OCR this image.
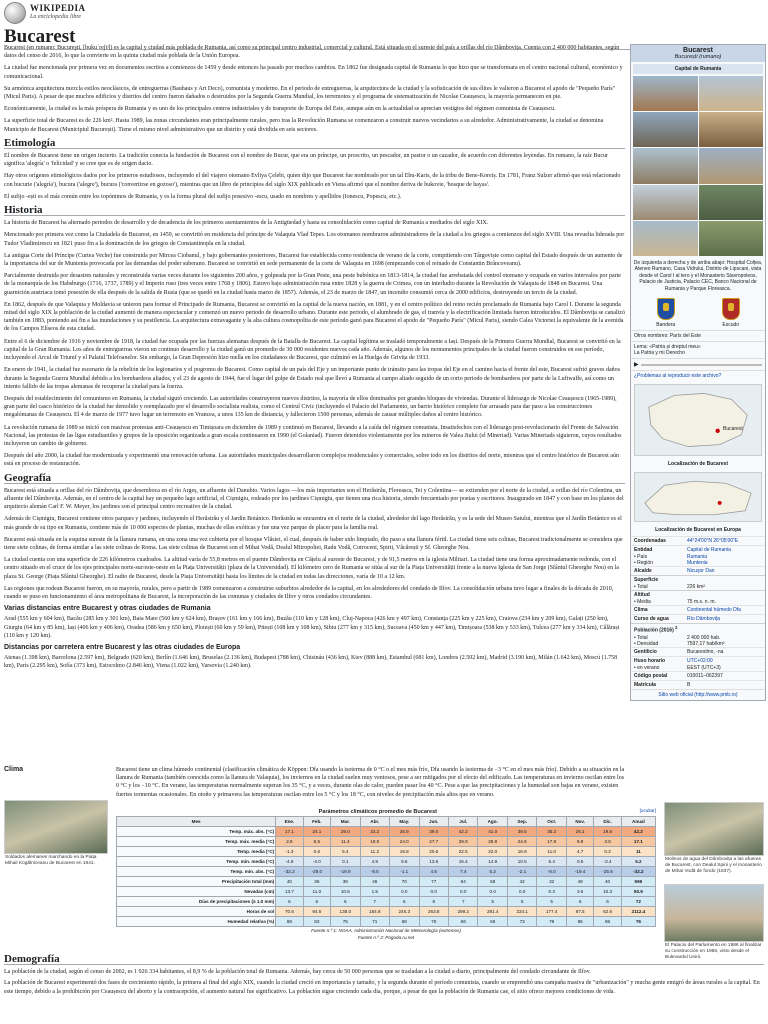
WIKIPEDIA
La enciclopedia libre
Bucarest

Bucarest (en rumano: Bucureşti, [bukuˈreʃtʲ]) es la capital y ciudad más poblada de Rumania, así como su principal centro industrial, comercial y cultural. Está situada en el sureste del país a orillas del río Dâmbovița. Cuenta con 2 400 000 habitantes, según datos del censo de 2016, lo que la convierte en la quinta ciudad más poblada de la Unión Europea.

La ciudad fue mencionada por primera vez en documentos escritos a comienzos de 1459 y desde entonces ha pasado por muchos cambios. En 1862 fue designada capital de Rumania lo que hizo que se transformara en el centro nacional cultural, económico y comunicacional.

Su armónica arquitectura mezcla estilos neoclásicos, de entreguerras (Bauhaus y Art Deco), comunista y moderno. En el periodo de entreguerras, la arquitectura de la ciudad y la sofisticación de sus élites le valieron a Bucarest el apodo de "Pequeño París" (Micul Paris). A pesar de que muchos edificios y distritos del centro fueron dañados o destruidos por la Segunda Guerra Mundial, los terremotos y el programa de sistematización de Nicolae Ceaușescu, la mayoría permanecen en pie.

Económicamente, la ciudad es la más próspera de Rumania y es uno de los principales centros industriales y de transporte de Europa del Este, aunque aún en la actualidad se aprecian vestigios del régimen comunista de Ceaușescu.

La superficie total de Bucarest es de 226 km². Hasta 1989, las zonas circundantes eran principalmente rurales, pero tras la Revolución Rumana se comenzaron a construir nuevos vecindarios a su alrededor. Administrativamente, la ciudad se denomina Municipio de Bucarest (Municipiul București). Tiene el mismo nivel administrativo que un distrito y está dividida en seis sectores.

Etimología

El nombre de Bucarest tiene un origen incierto. La tradición conecta la fundación de Bucarest con el nombre de Bucur, que era un príncipe, un proscrito, un pescador, un pastor o un cazador, de acuerdo con diferentes leyendas. En rumano, la raíz Bucur significa 'alegría' o 'felicidad' y se cree que es de origen dacio.

Hay otros orígenes etimológicos dados por los primeros estudiosos, incluyendo el del viajero otomano Evliya Çelebi, quien dijo que Bucarest fue nombrado por un tal Ebu-Karis, de la tribu de Bene-Koreiș. En 1781, Franz Sulzer afirmó que está relacionado con bucurie ('alegría'), bucura ('alegre'), bucura ('convertirse en gozoso'), mientras que un libro de principios del siglo XIX publicado en Viena afirmó que el nombre deriva de bukovie, 'bosque de hayas'.

El sufijo -ești es el más común entre los topónimos de Rumania, y es la forma plural del sufijo posesivo -escu, usado en nombres y apellidos (Ionescu, Popescu, etc.).

Historia

La historia de Bucarest ha alternado periodos de desarrollo y de decadencia de los primeros asentamientos de la Antigüedad y hasta su consolidación como capital de Rumania a mediados del siglo XIX.

Mencionado por primera vez como la Ciudadela de Bucarest, en 1459, se convirtió en residencia del príncipe de Valaquia Vlad Tepes. Los otomanos nombraron administradores de la ciudad a los griegos a comienzos del siglo XVIII. Una revuelta liderada por Tudor Vladimirescu en 1821 puso fin a la dominación de los griegos de Constantinopla en la ciudad.

La antigua Corte del Príncipe (Curtea Veche) fue construida por Mircea Ciobanul, y bajo gobernantes posteriores, Bucarest fue establecida como residencia de verano de la corte, compitiendo con Târgoviște como capital del Estado después de un aumento de la importancia del sur de Muntenia provocada por las demandas del poder suberano. Bucarest se convirtió en sede permanente de la corte de Valaquia en 1698 (empezando con el reinado de Constantin Brâncoveanu).

Parcialmente destruida por desastres naturales y reconstruida varias veces durante los siguientes 200 años, y golpeada por la Gran Peste, una peste bubónica en 1813-1814, la ciudad fue arrebatada del control otomano y ocupada en varios intervalos por parte de la monarquía de los Habsburgo (1716, 1737, 1789) y el Imperio ruso (tres veces entre 1768 y 1806). Estuvo bajo administración rusa entre 1828 y la guerra de Crimea, con un interludio durante la Revolución de Valaquia de 1848 en Bucarest. Una guarnición austriaca tomó posesión de ella después de la salida de Rusia (que se quedó en la ciudad hasta marzo de 1857). Además, el 23 de marzo de 1847, un incendio consumió cerca de 2000 edificios, destruyendo un tercio de la ciudad.

En 1862, después de que Valaquia y Moldavia se unieron para formar el Principado de Rumania, Bucarest se convirtió en la capital de la nueva nación, en 1881, y en el centro político del reino recién proclamado de Rumania bajo Carol I. Durante la segunda mitad del siglo XIX la población de la ciudad aumentó de manera espectacular y comenzó un nuevo periodo de desarrollo urbano. Durante este periodo, el alumbrado de gas, el tranvía y la electrificación limitada fueron introducidos. El Dâmbovița se canalizó también en 1883, poniendo así fin a las inundaciones y su pestilencia. La arquitectura extravagante y la alta cultura cosmopolita de este período ganó para Bucarest el apodo de "Pequeño París" (Micul Paris), siendo Calea Victoriei la equivalente de la avenida de los Campos Elíseos de esta ciudad.

Entre el 6 de diciembre de 1916 y noviembre de 1918, la ciudad fue ocupada por las fuerzas alemanas después de la Batalla de Bucarest. La capital legítima se trasladó temporalmente a Iași. Después de la Primera Guerra Mundial, Bucarest se convirtió en la capital de la Gran Rumania. Los años de entreguerras vieron un continuo desarrollo y la ciudad ganó un promedio de 30 000 residentes nuevos cada año. Además, algunos de los monumentos principales de la ciudad fueron construidos en ese período, incluyendo el Arcul de Triumf y el Palatul Telefoanelor. Sin embargo, la Gran Depresión hizo mella en los ciudadanos de Bucarest, que culminó en la Huelga de Grivița de 1933.

En enero de 1941, la ciudad fue escenario de la rebelión de los legionarios y el pogromo de Bucarest. Como capital de un país del Eje y un importante punto de tránsito para las tropas del Eje en el camino hacia el frente del este, Bucarest sufrió graves daños durante la Segunda Guerra Mundial debido a los bombardeos aliados, y el 23 de agosto de 1944, fue el lugar del golpe de Estado real que llevó a Rumania al campo aliado seguido de un corto periodo de bombardeos por parte de la Luftwaffe, así como un intento fallido de las tropas alemanas de recuperar la ciudad para la fuerza.

Después del establecimiento del comunismo en Rumania, la ciudad siguió creciendo. Las autoridades construyeron nuevos distritos, la mayoría de ellos dominados por grandes bloques de viviendas. Durante el liderazgo de Nicolae Ceaușescu (1965-1989), gran parte del casco histórico de la ciudad fue demolido y reemplazado por el desarrollo socialista realista, como el Centrul Civic (incluyendo el Palacio del Parlamento, un barrio histórico completo fue arrasado para dar paso a las construcciones megalómanas de Ceaușescu. El 4 de marzo de 1977 tuvo lugar un terremoto en Vrancea, a unos 135 km de distancia, y fallecieron 1500 personas, además de causar múltiples daños al centro histórico.

La revolución rumana de 1989 se inició con masivas protestas anti-Ceaușescu en Timișoara en diciembre de 1989 y continuó en Bucarest, llevando a la caída del régimen comunista. Insatisfechos con el liderazgo post-revolucionario del Frente de Salvación Nacional, las protestas de las ligas estudiantiles y grupos de la oposición organizada a gran escala continuaron en 1990 (el Golaniad). Fueron detenidos violentamente por los mineros de Valea Jiului (el Mineriad). Varias Mineriads siguieron, cuyos resultados incluyeron un cambio de gobierno.

Después del año 2000, la ciudad fue modernizada y experimentó una renovación urbana. Las autoridades municipales desarrollaron complejos residenciales y comerciales, sobre todo en los distritos del norte, mientras que el centro histórico de Bucarest aún está en proceso de restauración.

Geografía

Bucarest está situada a orillas del río Dâmbovița, que desemboca en el río Argeș, un afluente del Danubio. Varios lagos —los más importantes son el Herăstrău, Floreasca, Tei y Colentina— se extienden por el norte de la ciudad, a orillas del río Colentina, un afluente del Dâmbovița. Además, en el centro de la capital hay un pequeño lago artificial, el Cișmigiu, rodeado por los jardines Cișmigiu, que tienen una rica historia, siendo frecuentado por poetas y escritores. Inaugurado en 1847 y con base en los planos del arquitecto alemán Carl F. W. Meyer, los jardines son el principal centro recreativo de la ciudad.

Además de Cișmigiu, Bucarest contiene otros parques y jardines, incluyendo el Herăstrău y el Jardín Botánico. Herăstrău se encuentra en el norte de la ciudad, alrededor del lago Herăstrău, y es la sede del Museo Satului, mientras que el Jardín Botánico es el más grande de su tipo en Rumania, contiene más de 10 000 especies de plantas, muchas de ellas exóticas y fue una vez parque de placer para la familia real.

Bucarest está situada en la esquina sureste de la llanura rumana, en una zona una vez cubierta por el bosque Vlăsiei, el cual, después de haber sido limpiado, dio paso a una llanura fértil. La ciudad tiene seis colinas, Bucarest tradicionalmente se considera que tiene siete colinas, de forma similar a las siete colinas de Roma. Las siete colinas de Bucarest son el Mihai Vodă, Dealul Mitropoliei, Radu Vodă, Cotroceni, Spirii, Văcărești y Sf. Gheorghe Nou.

La ciudad cuenta con una superficie de 226 kilómetros cuadrados. La altitud varía de 55,8 metros en el puente Dâmbovița en Cățelu al sureste de Bucarest, y de 91,5 metros en la iglesia Militari. La ciudad tiene una forma aproximadamente redonda, con el centro situado en el cruce de los ejes principales norte-sur/este-oeste en la Piața Universității (plaza de la Universidad). El kilómetro cero de Rumania se sitúa al sur de la Piața Universității frente a la nueva Iglesia de San Jorge (Sfântul Gheorghe Nou) en la plaza St. George (Piața Sfântul Gheorghe). El radio de Bucarest, desde la Piața Universității hasta los límites de la ciudad en todas las direcciones, varía de 10 a 12 km.

Las regiones que rodean Bucarest fueron, en su mayoría, rurales, pero a partir de 1989 comenzaron a construirse suburbios alrededor de la capital, en los alrededores del condado de Ilfov. La consolidación urbana tuvo lugar a finales de la década de 2010, cuando se puso en funcionamiento el área metropolitana de Bucarest, la incorporación de las comunas y ciudades de Ilfov y otros condados circundantes.

Varias distancias entre Bucarest y otras ciudades de Rumania

Arad (555 km y 604 km), Bacău (285 km y 301 km), Baia Mare (560 km y 624 km), Brașov (161 km y 166 km), Buzău (110 km y 128 km), Cluj-Napoca (426 km y 497 km), Constanța (225 km y 225 km), Craiova (234 km y 209 km), Galați (250 km), Giurgiu (64 km y 85 km), Iași (406 km y 406 km), Oradea (586 km y 650 km), Ploiești (60 km y 59 km), Pitești (108 km y 108 km), Sibiu (277 km y 315 km), Suceava (450 km y 447 km), Timișoara (538 km y 533 km), Tulcea (277 km y 334 km), Călărași (110 km y 120 km).

Distancias por carretera entre Bucarest y las otras ciudades de Europa

Atenas (1.398 km), Barcelona (2.597 km), Belgrado (620 km), Berlín (1.646 km), Bruselas (2.136 km), Budapest (788 km), Chisináu (436 km), Kiev (888 km), Estambul (681 km), Londres (2.502 km), Madrid (3.190 km), Milán (1.642 km), Moscú (1.758 km), París (2.295 km), Sofía (373 km), Estocolmo (2.846 km), Viena (1.022 km), Varsovia (1.240 km).

Bucarest
București (rumano)
Capital de Rumania
De izquierda a derecha y de arriba abajo: Hospital Colțea, Ateneo Rumano, Casa Vidrului, Distrito de Lipscani, vista desde el Carol I al tero y el Monasterio Stavropoleos, Palacio de Justicia, Palacio CEC, Banco Nacional de Rumania y Parque Floreasca.
Bandera	Escudo
Otros nombres: París del Este
Lema: «Patria și dreptul meu»
La Patria y mi Derecho
▶
¿Problemas al reproducir este archivo?
Bucarest
Localización de Bucarest
Localización de Bucarest en Europa
Coordenadas	44°24′00″N 26°05′00″E
Entidad	Capital de Rumania
• País	Rumania
• Región	Muntenia
Alcalde	Nicușor Dan
Superficie
• Total	226 km²
Altitud
• Media	75 m.s. n. m.
Clima	Continental húmedo Dfa
Curso de agua	Río Dâmbovița
Población (2016) $^2$
• Total	2 400 000 hab.
• Densidad	7597,17 hab/km²
Gentilicio	Bucarestino, -na
Huso horario	UTC+02:00
• en verano	EEST (UTC+3)
Código postal	010011–062397
Matrícula	B
Sitio web oficial (http://www.pmb.ro)
Clima	Bucarest tiene un clima húmedo continental (clasificación climática de Köppen: Dfa usando la isoterma de 0 °C o el mes más frío, Dfa usando la isoterma de −3 °C en el mes más frío). Debido a su situación en la llanura de Rumania (también conocida como la llanura de Valaquia), los inviernos en la ciudad suelen muy ventosos, pese a ser mitigados por el efecto del edificado. Las temperaturas en invierno oscilan entre los 0 °C y los −10 °C. En verano, las temperaturas normalmente superan los 35 °C, y a veces, durante olas de calor, pueden pasar los 40 °C. Pese a que las precipitaciones y la humedad son bajas en verano, existen fuertes tormentas ocasionales. En otoño y primavera las temperaturas oscilan entre los 5 °C y los 18 °C, con niveles de precipitación más altos que en verano.
Soldados alemanes marchando en la Piața Mihail Kogălniceanu de Bucarest en 1941.
Parámetros climáticos promedio de Bucarest	[ocultar]
Mes	Ene.	Feb.	Mar.	Abr.	May.	Jun.	Jul.	Ago.	Sep.	Oct.	Nov.	Dic.	Anual
Temp. máx. abs. (°C)	17.1	24.1	29.0	32.2	36.9	39.0	42.2	41.0	39.5	35.2	26.1	19.6	42.2
Temp. máx. media (°C)	2.8	5.5	11.4	18.0	24.0	27.7	29.9	29.8	24.6	17.9	9.8	3.8	17.1
Temp. media (°C)	-1.3	0.6	5.4	11.2	16.8	20.6	22.5	22.0	16.9	11.0	4.7	0.2	11
Temp. mín. media (°C)	-4.8	-4.0	0.1	4.9	9.6	13.6	15.4	14.9	10.5	5.4	0.6	-3.4	5.2
Temp. mín. abs. (°C)	-32.2	-29.0	-19.9	-9.5	-1.1	4.5	7.4	5.2	-2.1	-8.0	-19.4	-25.6	-32.2
Precipitación total (mm)	40	36	38	46	70	77	64	58	42	32	49	40	595
Nevadas (cm)	13.7	11.0	10.5	1.5	0.0	0.0	0.0	0.0	0.0	0.3	3.6	10.3	50.9
Días de precipitaciones (≥ 1.0 mm)	6	6	6	7	6	8	7	5	5	5	6	6	72
Horas de sol	70.6	94.5	138.0	184.8	246.3	263.8	299.2	281.4	224.1	177.4	87.5	62.6	2112.4
Humedad relativa (%)	88	83	75	71	68	70	66	66	73	79	85	86	76
Fuente n.º 1: NOAA, Administración Nacional de Meteorología (extremos)
Fuente n.º 2: Pogoda.ru.net
Molinos de agua del Dâmbovița a las afueras de Bucarest, con Dealul Spirii y el monasterio de Mihai Vodă de fondo (1837).
El Palacio del Parlamento en 1986 al finalizar su construcción en 1986, visto desde el Bulevardul Unirii.
Demografía

La población de la ciudad, según el censo de 2002, es 1 926 334 habitantes, el 8,9 % de la población total de Rumania. Además, hay cerca de 50 000 personas que se trasladan a la ciudad a diario, principalmente del condado circundante de Ilfov.

La población de Bucarest experimentó dos fases de crecimiento rápido, la primera al final del siglo XIX, cuando la ciudad creció en importancia y tamaño, y la segunda durante el período comunista, cuando se emprendió una campaña masiva de "urbanización" y mucha gente emigró de áreas rurales a la capital. En este tiempo, debido a la prohibición por Ceaușescu del aborto y la contracepción, el aumento natural fue significativo. La población sigue creciendo cada día, porque, a pesar de que la población de Rumania cae, el sitio ofrece mejores condiciones de vida.
